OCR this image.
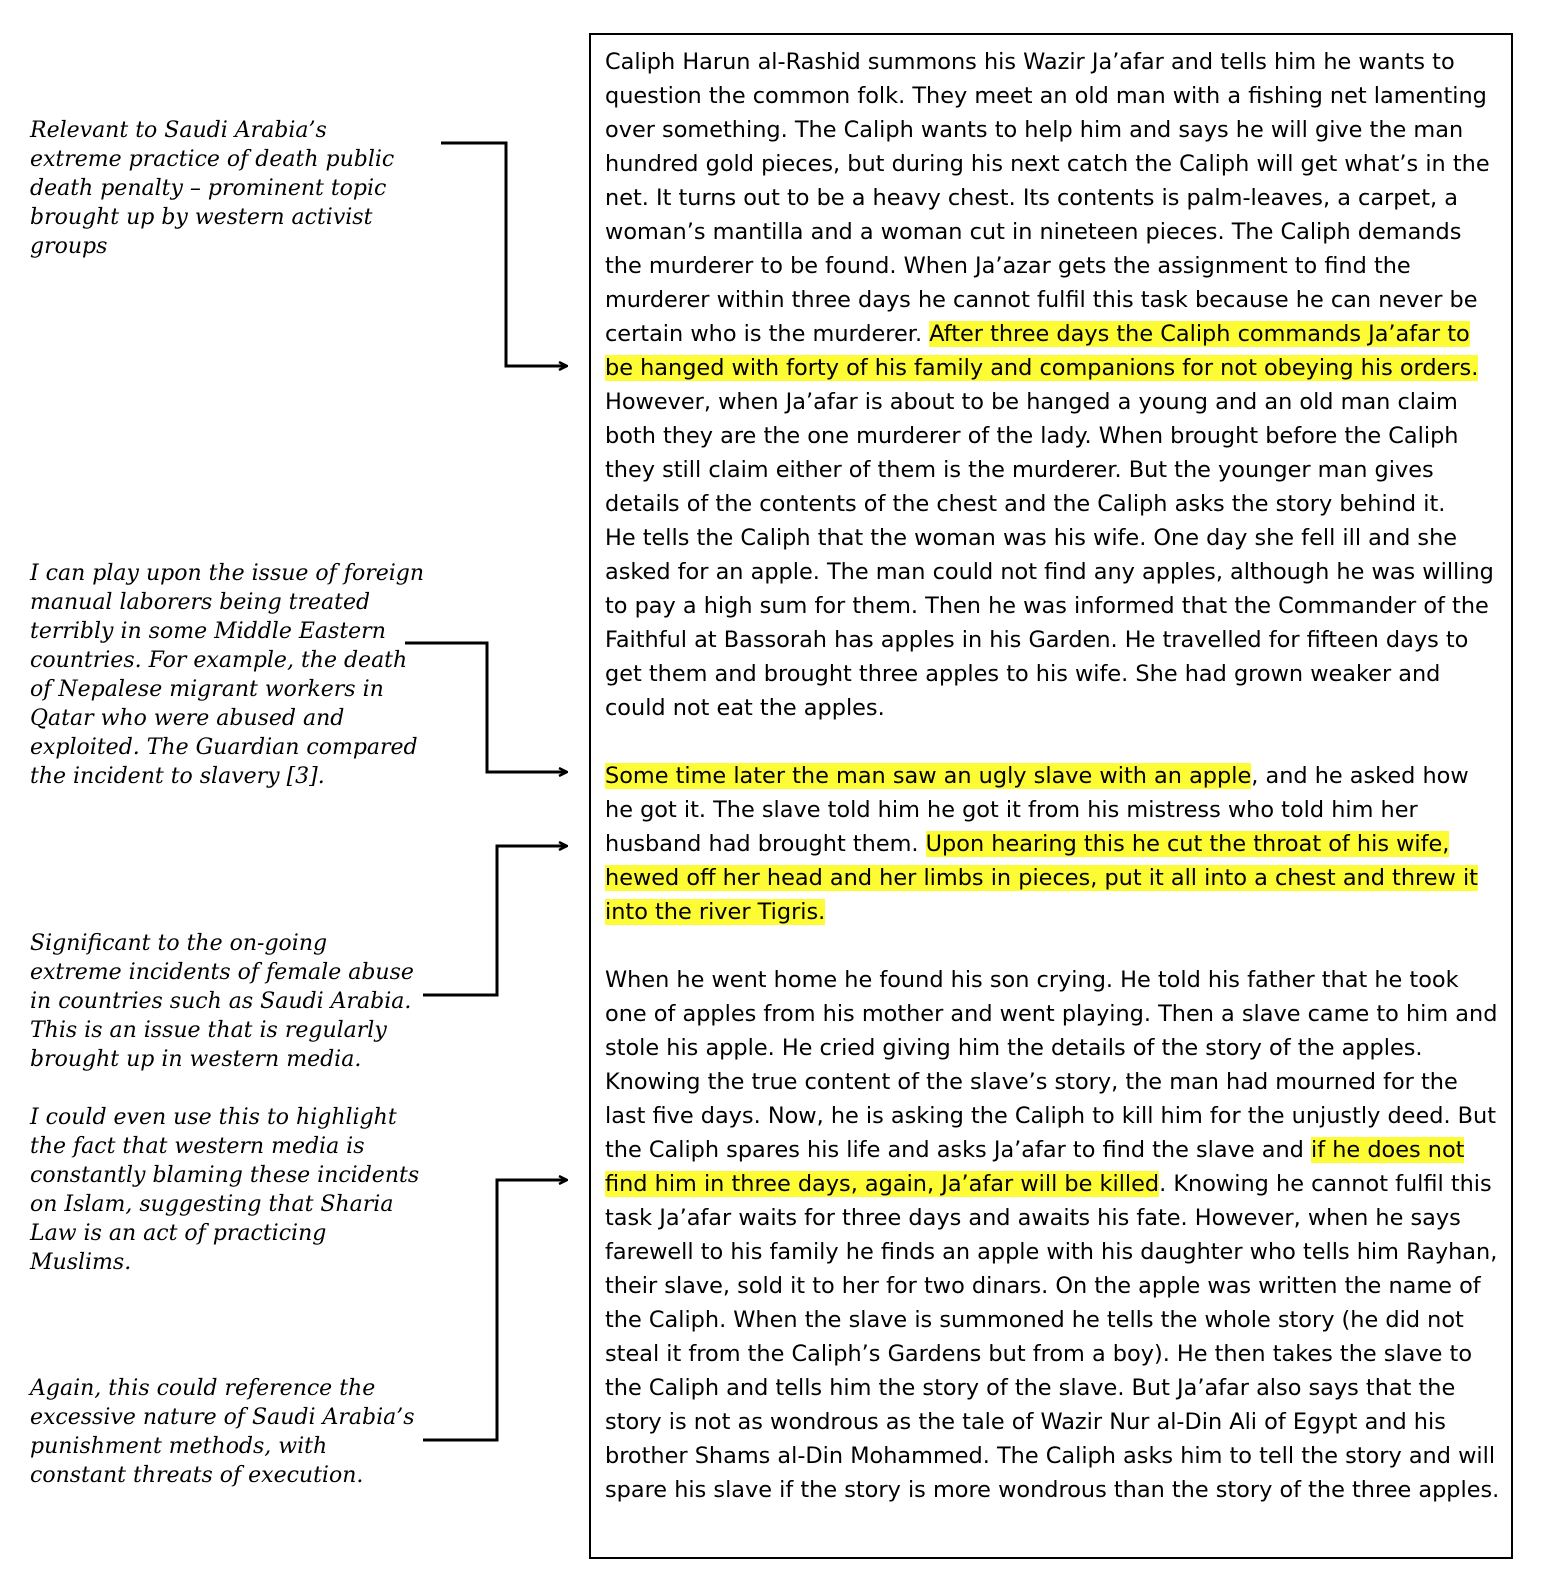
Relevant to Saudi Arabia’s extreme practice of death public death penalty – prominent topic brought up by western activist groups
I can play upon the issue of foreign manual laborers being treated terribly in some Middle Eastern countries. For example, the death of Nepalese migrant workers in Qatar who were abused and exploited. The Guardian compared the incident to slavery [3].
Significant to the on-going extreme incidents of female abuse in countries such as Saudi Arabia. This is an issue that is regularly brought up in western media.
I could even use this to highlight the fact that western media is constantly blaming these incidents on Islam, suggesting that Sharia Law is an act of practicing Muslims.
Again, this could reference the excessive nature of Saudi Arabia’s punishment methods, with constant threats of execution.

Caliph Harun al-Rashid summons his Wazir Ja’afar and tells him he wants to question the common folk. They meet an old man with a fishing net lamenting over something. The Caliph wants to help him and says he will give the man hundred gold pieces, but during his next catch the Caliph will get what’s in the net. It turns out to be a heavy chest. Its contents is palm-leaves, a carpet, a woman’s mantilla and a woman cut in nineteen pieces. The Caliph demands the murderer to be found. When Ja’azar gets the assignment to find the murderer within three days he cannot fulfil this task because he can never be certain who is the murderer. After three days the Caliph commands Ja’afar to be hanged with forty of his family and companions for not obeying his orders. However, when Ja’afar is about to be hanged a young and an old man claim both they are the one murderer of the lady. When brought before the Caliph they still claim either of them is the murderer. But the younger man gives details of the contents of the chest and the Caliph asks the story behind it.

He tells the Caliph that the woman was his wife. One day she fell ill and she asked for an apple. The man could not find any apples, although he was willing to pay a high sum for them. Then he was informed that the Commander of the Faithful at Bassorah has apples in his Garden. He travelled for fifteen days to get them and brought three apples to his wife. She had grown weaker and could not eat the apples.

Some time later the man saw an ugly slave with an apple, and he asked how he got it. The slave told him he got it from his mistress who told him her husband had brought them. Upon hearing this he cut the throat of his wife, hewed off her head and her limbs in pieces, put it all into a chest and threw it into the river Tigris.

When he went home he found his son crying. He told his father that he took one of apples from his mother and went playing. Then a slave came to him and stole his apple. He cried giving him the details of the story of the apples. Knowing the true content of the slave’s story, the man had mourned for the last five days. Now, he is asking the Caliph to kill him for the unjustly deed. But the Caliph spares his life and asks Ja’afar to find the slave and if he does not find him in three days, again, Ja’afar will be killed. Knowing he cannot fulfil this task Ja’afar waits for three days and awaits his fate. However, when he says farewell to his family he finds an apple with his daughter who tells him Rayhan, their slave, sold it to her for two dinars. On the apple was written the name of the Caliph. When the slave is summoned he tells the whole story (he did not steal it from the Caliph’s Gardens but from a boy). He then takes the slave to the Caliph and tells him the story of the slave. But Ja’afar also says that the story is not as wondrous as the tale of Wazir Nur al-Din Ali of Egypt and his brother Shams al-Din Mohammed. The Caliph asks him to tell the story and will spare his slave if the story is more wondrous than the story of the three apples.
